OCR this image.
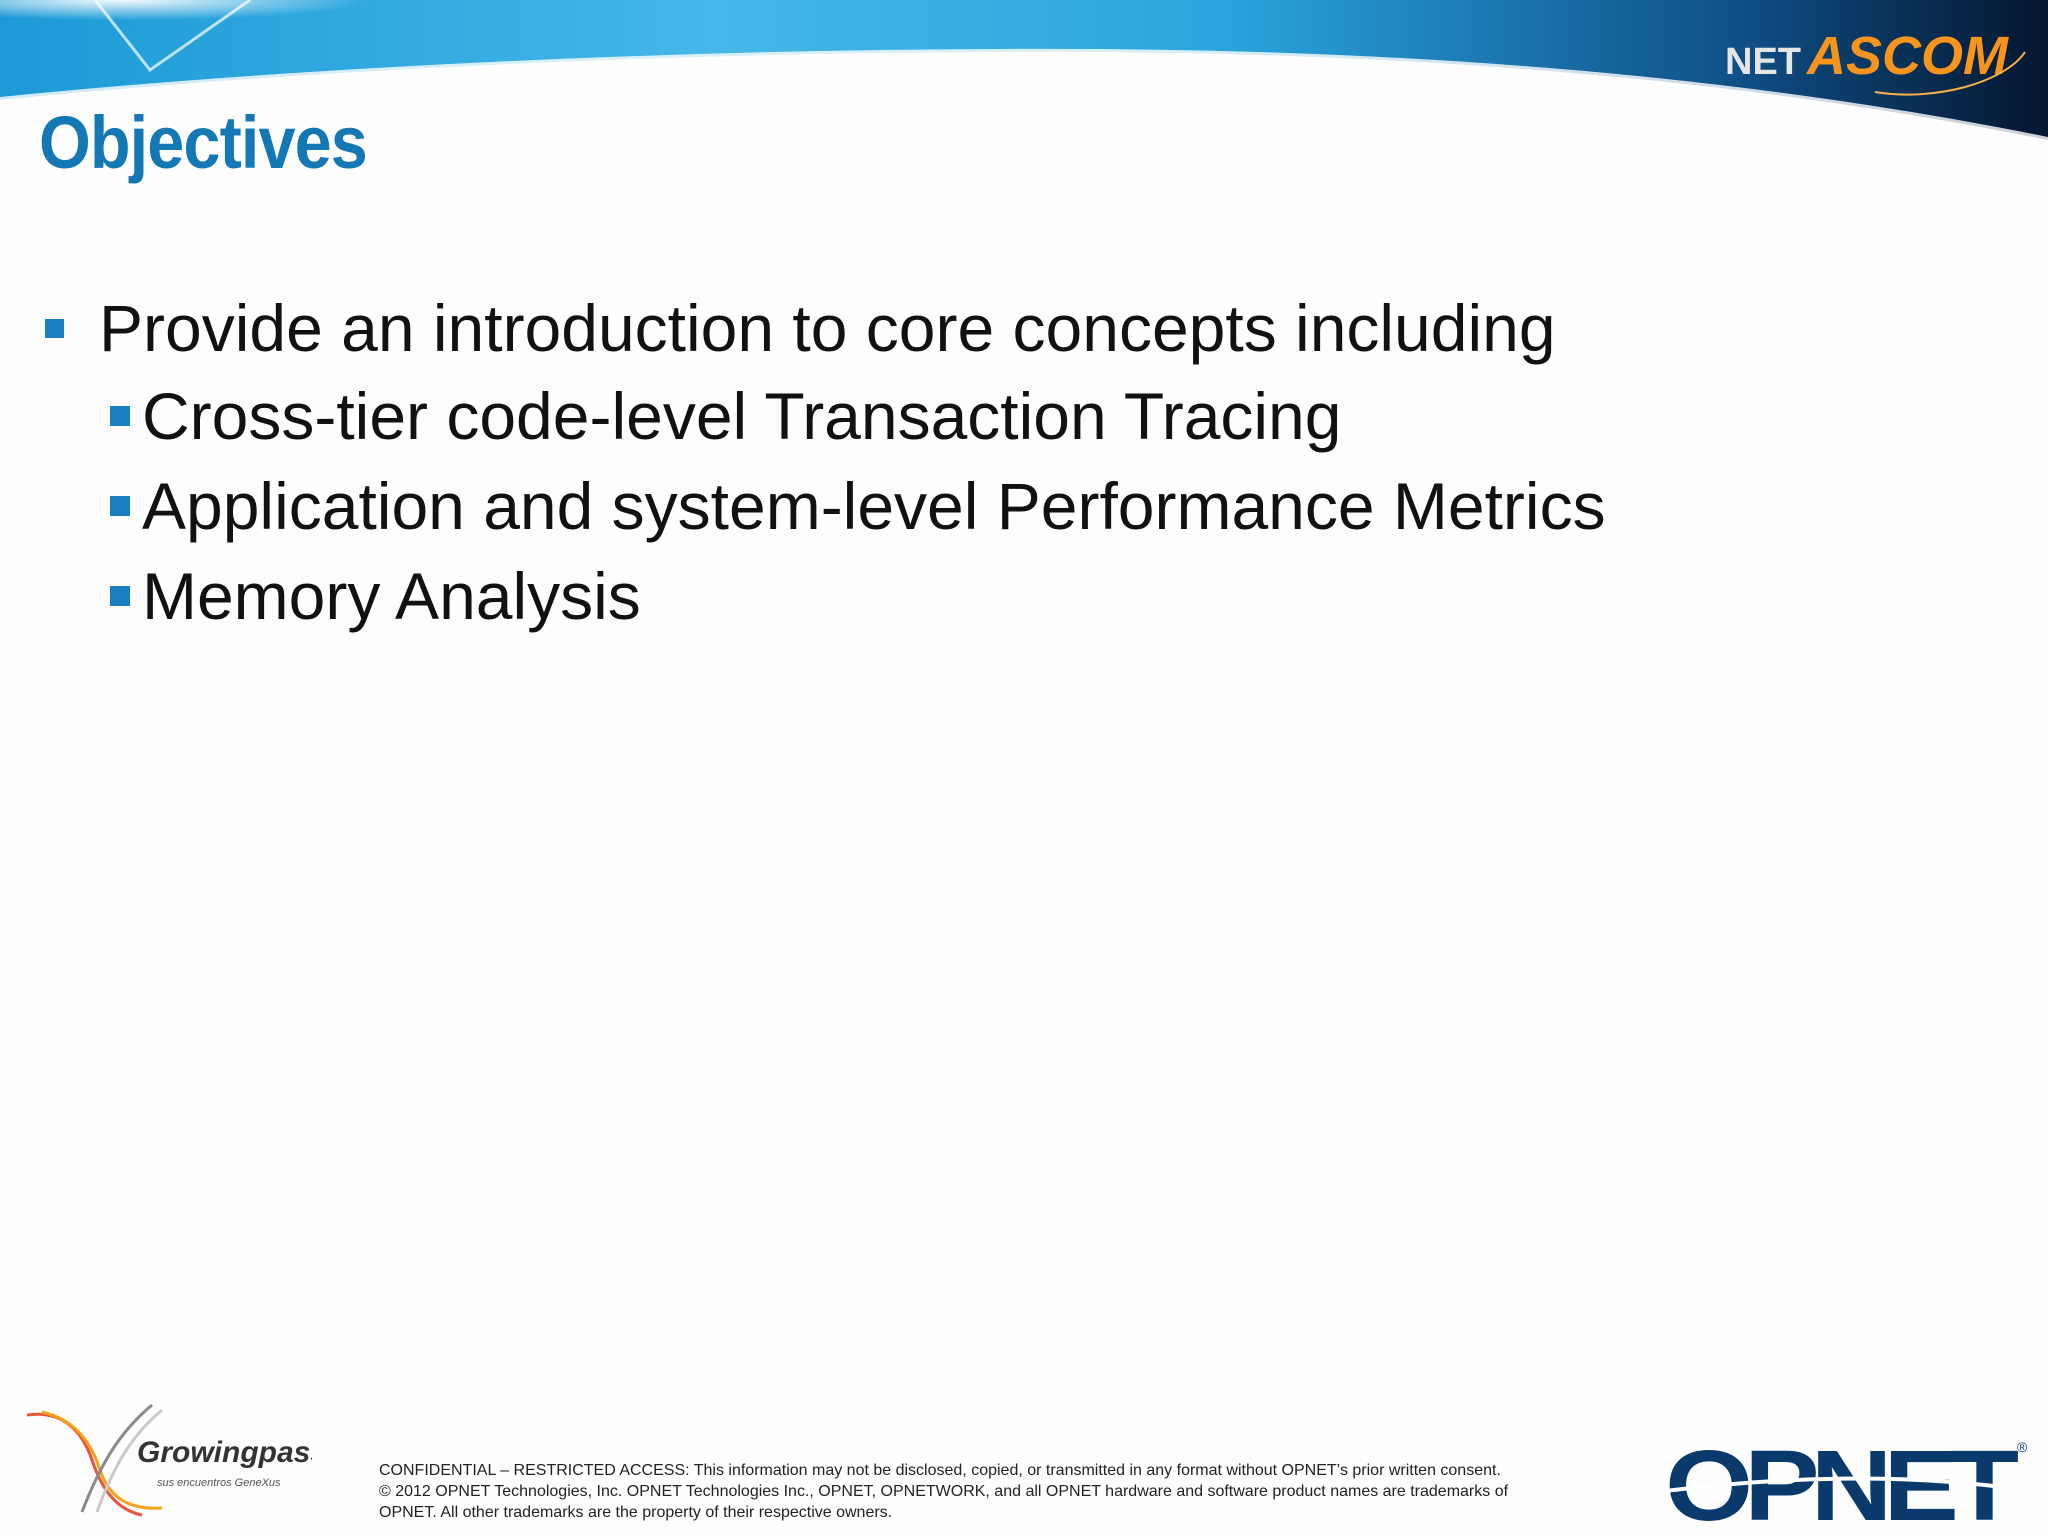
NET ASCOM
Objectives
Provide an introduction to core concepts including
Cross-tier code-level Transaction Tracing
Application and system-level Performance Metrics
Memory Analysis
Growingpass
sus encuentros GeneXus
CONFIDENTIAL – RESTRICTED ACCESS: This information may not be disclosed, copied, or transmitted in any format without OPNET’s prior written consent.
© 2012 OPNET Technologies, Inc. OPNET Technologies Inc., OPNET, OPNETWORK, and all OPNET hardware and software product names are trademarks of
OPNET. All other trademarks are the property of their respective owners.	OPNET
®
